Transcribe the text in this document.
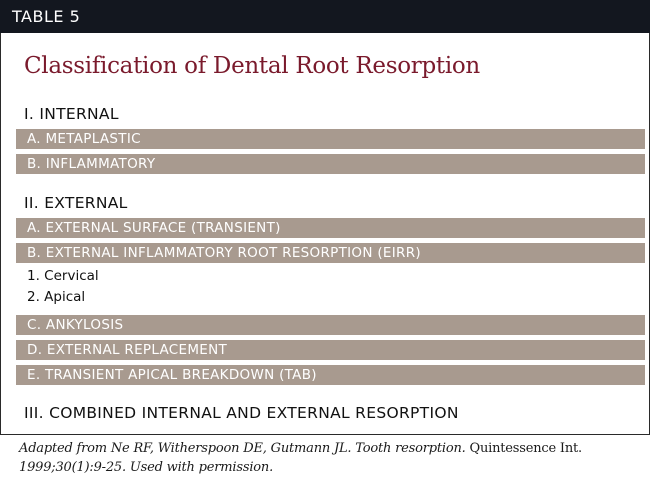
TABLE 5
Classification of Dental Root Resorption
I. INTERNAL
A. METAPLASTIC
B. INFLAMMATORY
II. EXTERNAL
A. EXTERNAL SURFACE (TRANSIENT)
B. EXTERNAL INFLAMMATORY ROOT RESORPTION (EIRR)
1. Cervical
2. Apical
C. ANKYLOSIS
D. EXTERNAL REPLACEMENT
E. TRANSIENT APICAL BREAKDOWN (TAB)
III. COMBINED INTERNAL AND EXTERNAL RESORPTION
Adapted from Ne RF, Witherspoon DE, Gutmann JL. Tooth resorption. Quintessence Int.
1999;30(1):9-25. Used with permission.
